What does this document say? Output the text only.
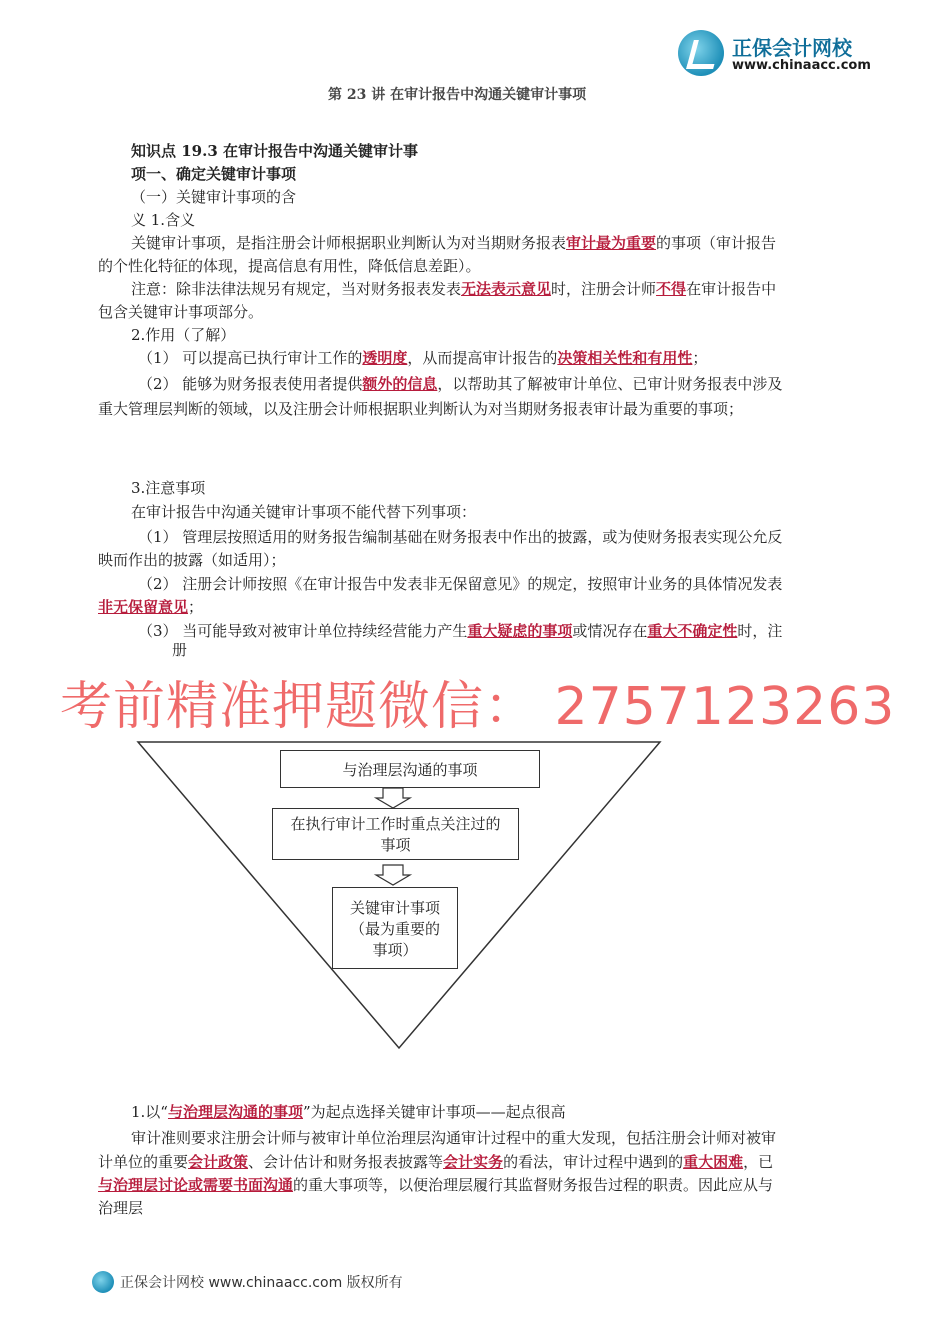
正保会计网校
www.chinaacc.com
第 23 讲 在审计报告中沟通关键审计事项
知识点 19.3 在审计报告中沟通关键审计事
项一、确定关键审计事项
（一）关键审计事项的含
义 1.含义
关键审计事项，是指注册会计师根据职业判断认为对当期财务报表审计最为重要的事项（审计报告
的个性化特征的体现，提高信息有用性，降低信息差距）。
注意：除非法律法规另有规定，当对财务报表发表无法表示意见时，注册会计师不得在审计报告中
包含关键审计事项部分。
2.作用（了解）
（1） 可以提高已执行审计工作的透明度，从而提高审计报告的决策相关性和有用性；
（2） 能够为财务报表使用者提供额外的信息，以帮助其了解被审计单位、已审计财务报表中涉及
重大管理层判断的领域，以及注册会计师根据职业判断认为对当期财务报表审计最为重要的事项；
3.注意事项
在审计报告中沟通关键审计事项不能代替下列事项：
（1） 管理层按照适用的财务报告编制基础在财务报表中作出的披露，或为使财务报表实现公允反
映而作出的披露（如适用）；
（2） 注册会计师按照《在审计报告中发表非无保留意见》的规定，按照审计业务的具体情况发表
非无保留意见；
（3） 当可能导致对被审计单位持续经营能力产生重大疑虑的事项或情况存在重大不确定性时，注
册
与治理层沟通的事项
在执行审计工作时重点关注过的事项
关键审计事项（最为重要的事项）
考前精准押题微信： 2757123263
1.以“与治理层沟通的事项”为起点选择关键审计事项——起点很高
审计准则要求注册会计师与被审计单位治理层沟通审计过程中的重大发现，包括注册会计师对被审
计单位的重要会计政策、会计估计和财务报表披露等会计实务的看法，审计过程中遇到的重大困难，已
与治理层讨论或需要书面沟通的重大事项等，以便治理层履行其监督财务报告过程的职责。因此应从与
治理层
正保会计网校 www.chinaacc.com 版权所有
